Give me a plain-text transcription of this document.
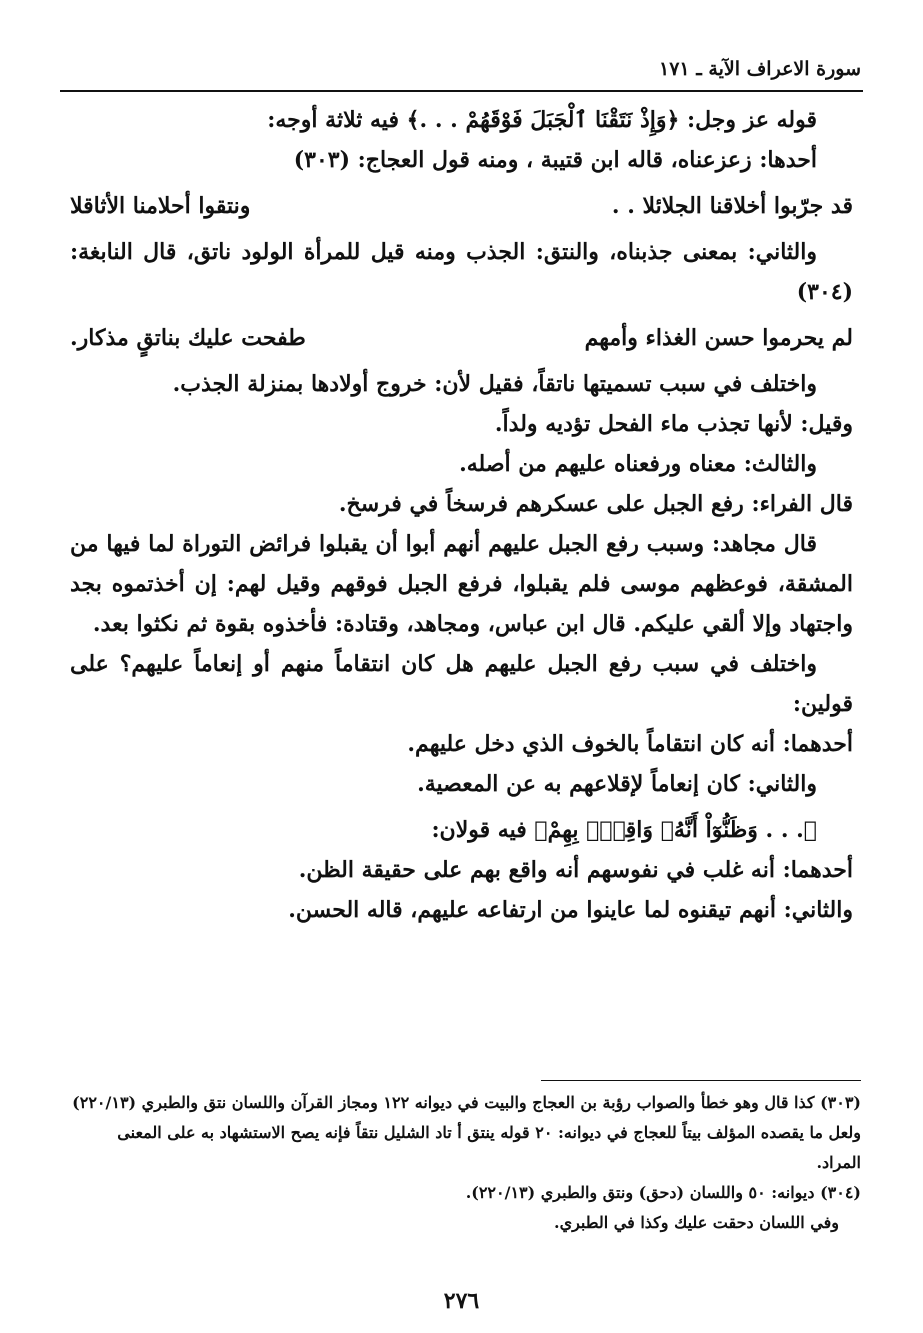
سورة الاعراف الآية ـ ١٧١
قوله عز وجل: ﴿وَإِذْ نَتَقْنَا ٱلْجَبَلَ فَوْقَهُمْ . . .﴾ فيه ثلاثة أوجه:
أحدها: زعزعناه، قاله ابن قتيبة ، ومنه قول العجاج: (٣٠٣)
قد جرّبوا أخلاقنا الجلائلا . .
ونتقوا أحلامنا الأثاقلا
والثاني: بمعنى جذبناه، والنتق: الجذب ومنه قيل للمرأة الولود ناتق، قال النابغة: (٣٠٤)
لم يحرموا حسن الغذاء وأمهم
طفحت عليك بناتقٍ مذكار.
واختلف في سبب تسميتها ناتقاً، فقيل لأن: خروج أولادها بمنزلة الجذب.
وقيل: لأنها تجذب ماء الفحل تؤديه ولداً.
والثالث: معناه ورفعناه عليهم من أصله.
قال الفراء: رفع الجبل على عسكرهم فرسخاً في فرسخ.
قال مجاهد: وسبب رفع الجبل عليهم أنهم أبوا أن يقبلوا فرائض التوراة لما فيها من المشقة، فوعظهم موسى فلم يقبلوا، فرفع الجبل فوقهم وقيل لهم: إن أخذتموه بجد واجتهاد وإلا ألقي عليكم. قال ابن عباس، ومجاهد، وقتادة: فأخذوه بقوة ثم نكثوا بعد.
واختلف في سبب رفع الجبل عليهم هل كان انتقاماً منهم أو إنعاماً عليهم؟ على قولين:
أحدهما: أنه كان انتقاماً بالخوف الذي دخل عليهم.
والثاني: كان إنعاماً لإقلاعهم به عن المعصية.
﴿. . . وَظَنُّوٓاْ أَنَّهُۥ وَاقِعٌۢ بِهِمْ﴾ فيه قولان:
أحدهما: أنه غلب في نفوسهم أنه واقع بهم على حقيقة الظن.
والثاني: أنهم تيقنوه لما عاينوا من ارتفاعه عليهم، قاله الحسن.
(٣٠٣) كذا قال وهو خطأ والصواب رؤبة بن العجاج والبيت في ديوانه ١٢٢ ومجاز القرآن واللسان نتق والطبري (٢٢٠/١٣) ولعل ما يقصده المؤلف بيتاً للعجاج في ديوانه: ٢٠ قوله ينتق أ تاد الشليل نتقاً فإنه يصح الاستشهاد به على المعنى المراد.
(٣٠٤) ديوانه: ٥٠ واللسان (دحق) ونتق والطبري (٢٢٠/١٣).
وفي اللسان دحقت عليك وكذا في الطبري.
٢٧٦
